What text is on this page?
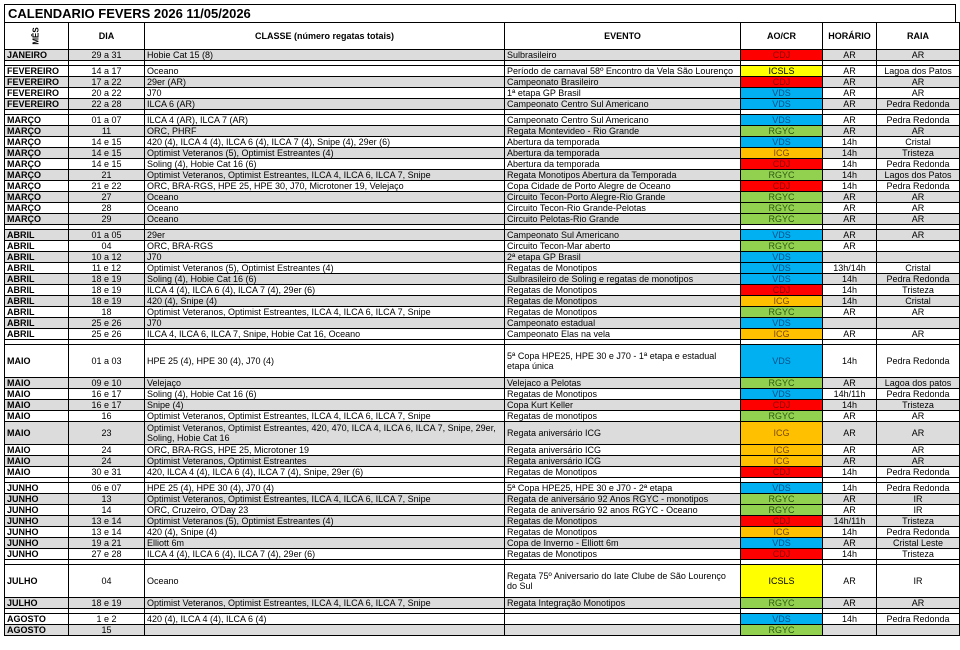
CALENDARIO FEVERS 2026 11/05/2026
MÊS	DIA	CLASSE (número regatas totais)	EVENTO	AO/CR	HORÁRIO	RAIA
JANEIRO	29 a 31	Hobie Cat 15 (8)	Sulbrasileiro	CDJ	AR	AR

FEVEREIRO	14 a 17	Oceano	Período de carnaval 58º Encontro da Vela São Lourenço	ICSLS	AR	Lagoa dos Patos
FEVEREIRO	17 a 22	29er (AR)	Campeonato Brasileiro	CDJ	AR	AR
FEVEREIRO	20 a 22	J70	1ª etapa GP Brasil	VDS	AR	AR
FEVEREIRO	22 a 28	ILCA 6 (AR)	Campeonato Centro Sul Americano	VDS	AR	Pedra Redonda

MARÇO	01 a 07	ILCA 4 (AR), ILCA 7 (AR)	Campeonato Centro Sul Americano	VDS	AR	Pedra Redonda
MARÇO	11	ORC, PHRF	Regata Montevideo - Rio Grande	RGYC	AR	AR
MARÇO	14 e 15	420 (4), ILCA 4 (4), ILCA 6 (4), ILCA 7 (4), Snipe (4), 29er (6)	Abertura da temporada	VDS	14h	Cristal
MARÇO	14 e 15	Optimist Veteranos (5), Optimist Estreantes (4)	Abertura da temporada	ICG	14h	Tristeza
MARÇO	14 e 15	Soling (4), Hobie Cat 16 (6)	Abertura da temporada	CDJ	14h	Pedra Redonda
MARÇO	21	Optimist Veteranos, Optimist Estreantes, ILCA 4, ILCA 6, ILCA 7, Snipe	Regata Monotipos Abertura da Temporada	RGYC	14h	Lagos dos Patos
MARÇO	21 e 22	ORC, BRA-RGS, HPE 25, HPE 30, J70, Microtoner 19, Velejaço	Copa Cidade de Porto Alegre de Oceano	CDJ	14h	Pedra Redonda
MARÇO	27	Oceano	Circuito Tecon-Porto Alegre-Rio Grande	RGYC	AR	AR
MARÇO	28	Oceano	Circuito Tecon-Rio Grande-Pelotas	RGYC	AR	AR
MARÇO	29	Oceano	Circuito Pelotas-Rio Grande	RGYC	AR	AR

ABRIL	01 a 05	29er	Campeonato Sul Americano	VDS	AR	AR
ABRIL	04	ORC, BRA-RGS	Circuito Tecon-Mar aberto	RGYC	AR	
ABRIL	10 a 12	J70	2ª etapa GP Brasil	VDS		
ABRIL	11 e 12	Optimist Veteranos (5), Optimist Estreantes (4)	Regatas de Monotipos	VDS	13h/14h	Cristal
ABRIL	18 e 19	Soling (4), Hobie Cat 16 (6)	Sulbrasileiro de Soling e regatas de monotipos	VDS	14h	Pedra Redonda
ABRIL	18 e 19	ILCA 4 (4), ILCA 6 (4), ILCA 7 (4), 29er (6)	Regatas de Monotipos	CDJ	14h	Tristeza
ABRIL	18 e 19	420 (4), Snipe (4)	Regatas de Monotipos	ICG	14h	Cristal
ABRIL	18	Optimist Veteranos, Optimist Estreantes, ILCA 4, ILCA 6, ILCA 7, Snipe	Regatas de Monotipos	RGYC	AR	AR
ABRIL	25 e 26	J70	Campeonato estadual	VDS		
ABRIL	25 e 26	ILCA 4, ILCA 6, ILCA 7, Snipe, Hobie Cat 16, Oceano	Campeonato Elas na vela	ICG	AR	AR

MAIO	01 a 03	HPE 25 (4), HPE 30 (4), J70 (4)	5ª Copa HPE25, HPE 30 e J70 - 1ª etapa e estadual etapa única	VDS	14h	Pedra Redonda
MAIO	09 e 10	Velejaço	Velejaco a Pelotas	RGYC	AR	Lagoa dos patos
MAIO	16 e 17	Soling (4), Hobie Cat 16 (6)	Regatas de Monotipos	VDS	14h/11h	Pedra Redonda
MAIO	16 e 17	Snipe (4)	Copa Kurt Keller	CDJ	14h	Tristeza
MAIO	16	Optimist Veteranos, Optimist Estreantes, ILCA 4, ILCA 6, ILCA 7, Snipe	Regatas de monotipos	RGYC	AR	AR
MAIO	23	Optimist Veteranos, Optimist Estreantes, 420, 470, ILCA 4, ILCA 6, ILCA 7, Snipe, 29er, Soling, Hobie Cat 16	Regata aniversário ICG	ICG	AR	AR
MAIO	24	ORC, BRA-RGS, HPE 25, Microtoner 19	Regata aniversário ICG	ICG	AR	AR
MAIO	24	Optimist Veteranos, Optimist Estreantes	Regata aniversário ICG	ICG	AR	AR
MAIO	30 e 31	420, ILCA 4 (4), ILCA 6 (4), ILCA 7 (4), Snipe, 29er (6)	Regatas de Monotipos	CDJ	14h	Pedra Redonda

JUNHO	06 e 07	HPE 25 (4), HPE 30 (4), J70 (4)	5ª Copa HPE25, HPE 30 e J70 - 2ª etapa	VDS	14h	Pedra Redonda
JUNHO	13	Optimist Veteranos, Optimist Estreantes, ILCA 4, ILCA 6, ILCA 7, Snipe	Regata de aniversário 92 Anos RGYC - monotipos	RGYC	AR	IR
JUNHO	14	ORC, Cruzeiro, O'Day 23	Regata de aniversário 92 anos RGYC - Oceano	RGYC	AR	IR
JUNHO	13 e 14	Optimist Veteranos (5), Optimist Estreantes (4)	Regatas de Monotipos	CDJ	14h/11h	Tristeza
JUNHO	13 e 14	420 (4), Snipe (4)	Regatas de Monotipos	ICG	14h	Pedra Redonda
JUNHO	19 a 21	Elliott 6m	Copa de Inverno - Elliott 6m	VDS	AR	Cristal Leste
JUNHO	27 e 28	ILCA 4 (4), ILCA 6 (4), ILCA 7 (4), 29er (6)	Regatas de Monotipos	CDJ	14h	Tristeza

JULHO	04	Oceano	Regata 75º Aniversario do Iate Clube de São Lourenço do Sul	ICSLS	AR	IR
JULHO	18 e 19	Optimist Veteranos, Optimist Estreantes, ILCA 4, ILCA 6, ILCA 7, Snipe	Regata Integração Monotipos	RGYC	AR	AR

AGOSTO	1 e 2	420 (4), ILCA 4 (4), ILCA 6 (4)		VDS	14h	Pedra Redonda
AGOSTO	15			RGYC		
